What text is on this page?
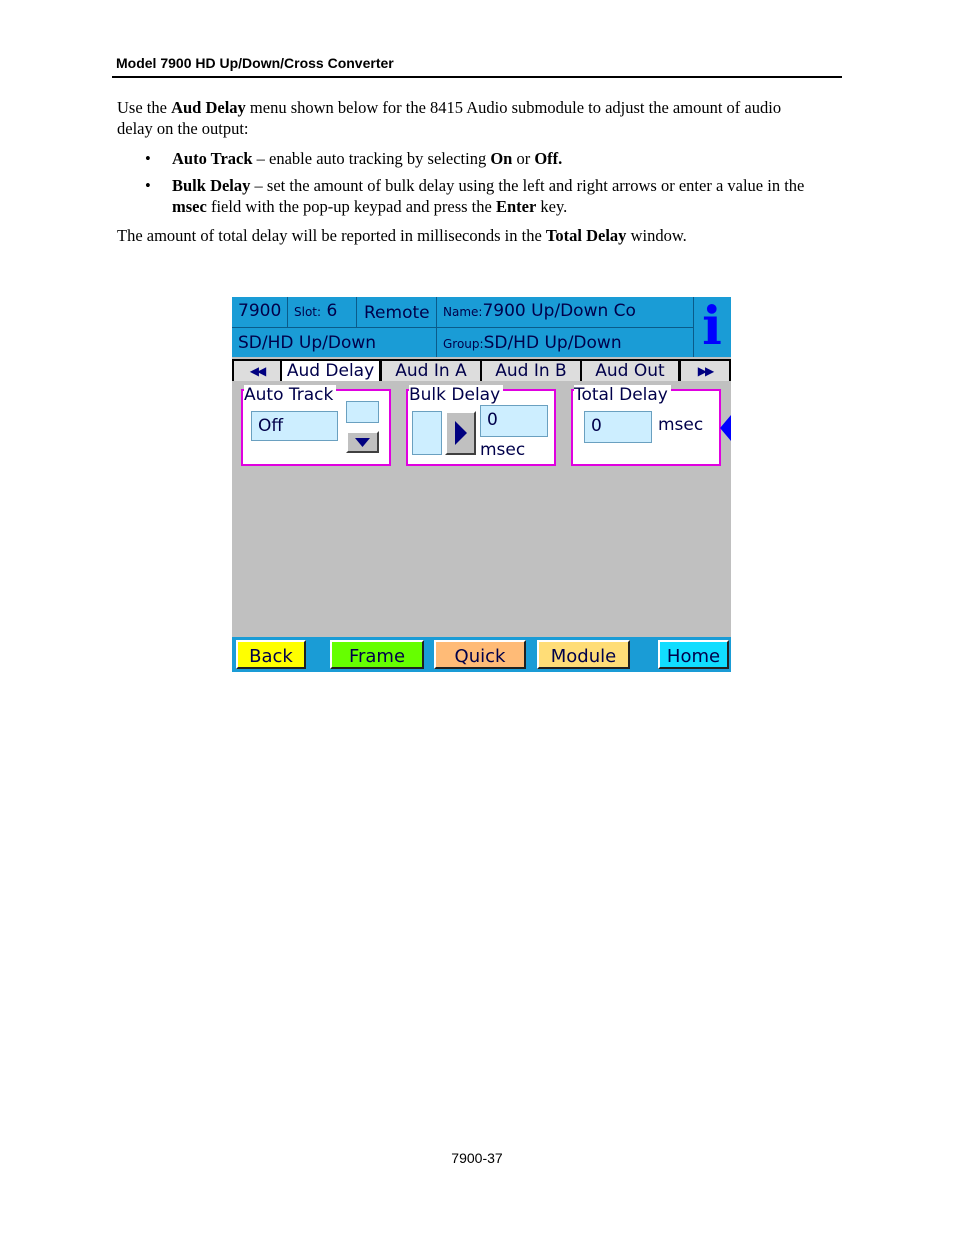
Model 7900 HD Up/Down/Cross Converter
Use the Aud Delay menu shown below for the 8415 Audio submodule to adjust the amount of audio delay on the output:
• Auto Track – enable auto tracking by selecting On or Off.
• Bulk Delay – set the amount of bulk delay using the left and right arrows or enter a value in the msec field with the pop-up keypad and press the Enter key.
The amount of total delay will be reported in milliseconds in the Total Delay window.
7900 Slot: 6 Remote Name:7900 Up/Down Co
SD/HD Up/Down	Group:SD/HD Up/Down i
◀◀	Aud Delay	Aud In A	Aud In B	Aud Out	▶▶
Auto Track
Off
Bulk Delay
0
msec
Total Delay
0	msec
Back	Frame	Quick	Module	Home
7900-37
